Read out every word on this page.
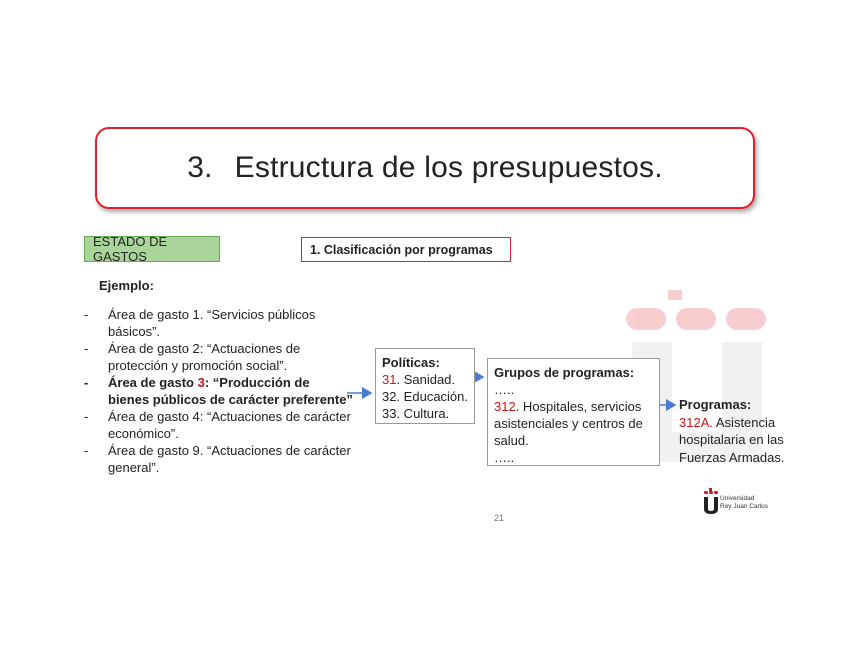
3. Estructura de los presupuestos.
ESTADO DE GASTOS	1. Clasificación por programas
Ejemplo:
- Área de gasto 1. “Servicios públicos básicos”.
- Área de gasto 2: “Actuaciones de protección y promoción social”.
- Área de gasto 3: “Producción de bienes públicos de carácter preferente”
- Área de gasto 4: “Actuaciones de carácter económico”.
- Área de gasto 9. “Actuaciones de carácter general”.
Políticas:
31. Sanidad.
32. Educación.
33. Cultura.
Grupos de programas:
…..
312. Hospitales, servicios asistenciales y centros de salud.
…..
Programas:
312A. Asistencia hospitalaria en las Fuerzas Armadas.
Universidad
Rey Juan Carlos
21
